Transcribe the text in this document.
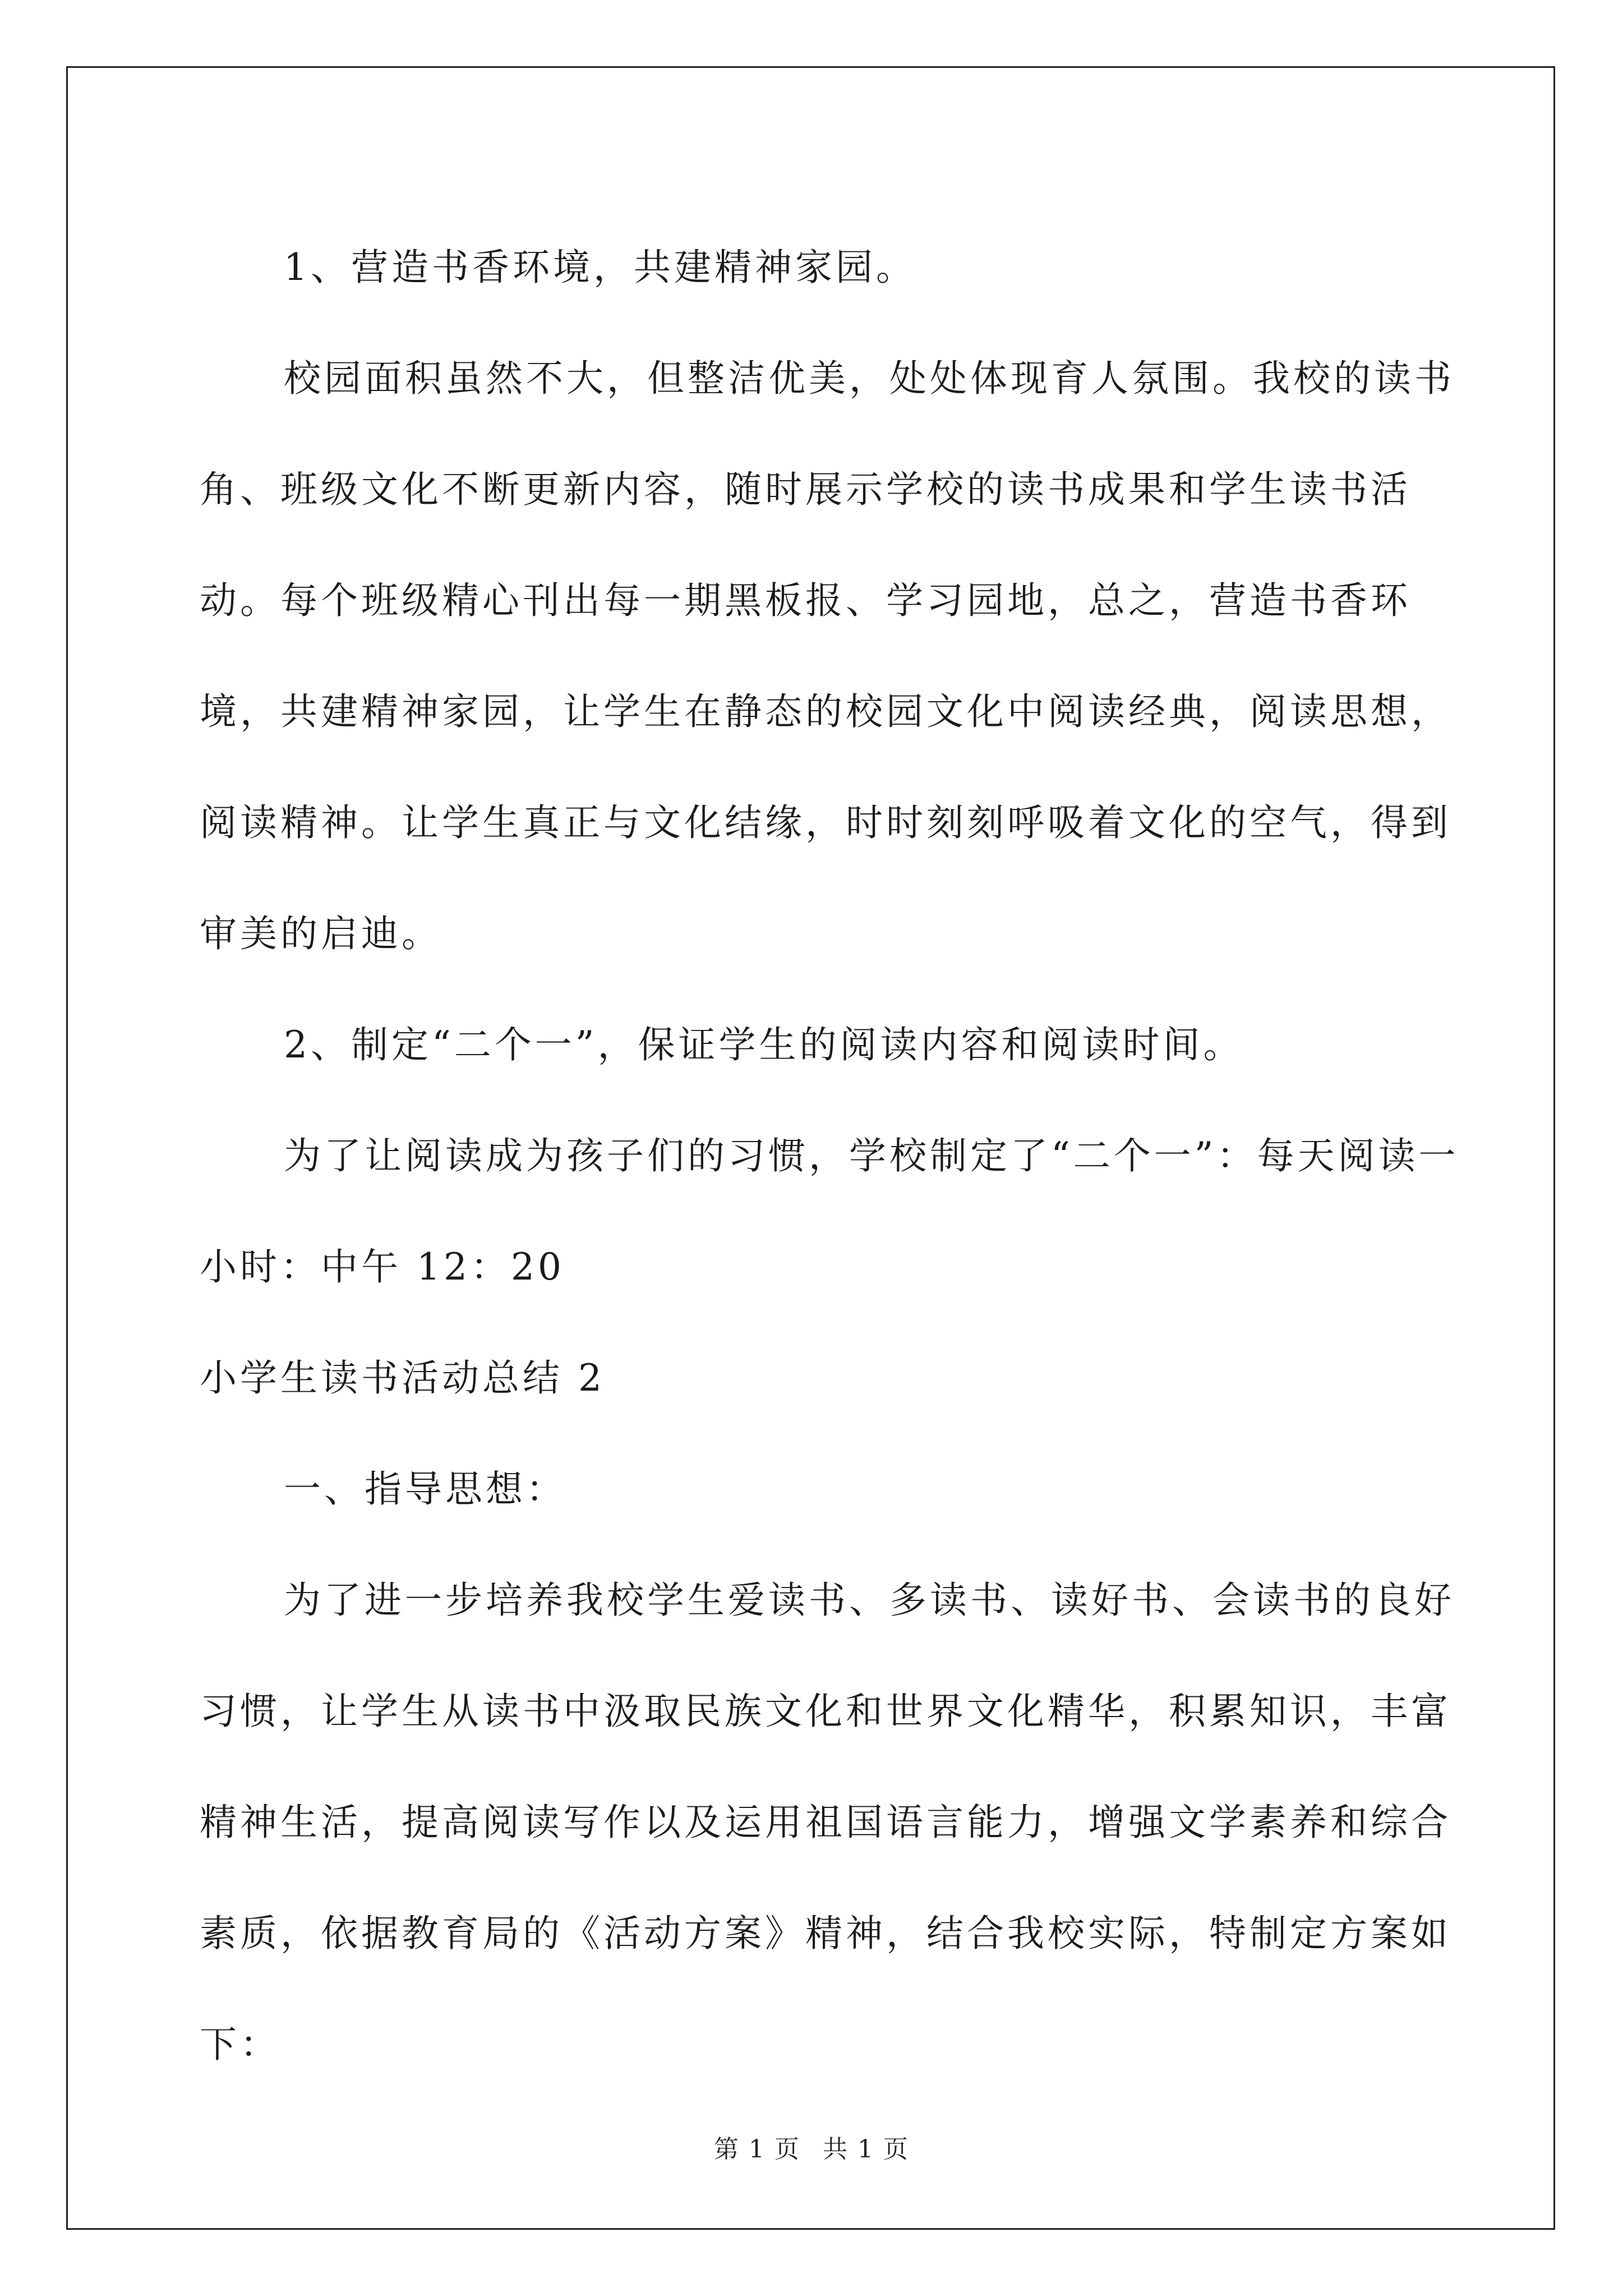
1、营造书香环境，共建精神家园。

校园面积虽然不大，但整洁优美，处处体现育人氛围。我校的读书角、班级文化不断更新内容，随时展示学校的读书成果和学生读书活动。每个班级精心刊出每一期黑板报、学习园地，总之，营造书香环境，共建精神家园，让学生在静态的校园文化中阅读经典，阅读思想，阅读精神。让学生真正与文化结缘，时时刻刻呼吸着文化的空气，得到审美的启迪。

2、制定“二个一”，保证学生的阅读内容和阅读时间。

为了让阅读成为孩子们的习惯，学校制定了“二个一”：每天阅读一小时：中午 12：20

小学生读书活动总结 2

一、指导思想：

为了进一步培养我校学生爱读书、多读书、读好书、会读书的良好习惯，让学生从读书中汲取民族文化和世界文化精华，积累知识，丰富精神生活，提高阅读写作以及运用祖国语言能力，增强文学素养和综合素质，依据教育局的《活动方案》精神，结合我校实际，特制定方案如下：

第 1 页 共 1 页
